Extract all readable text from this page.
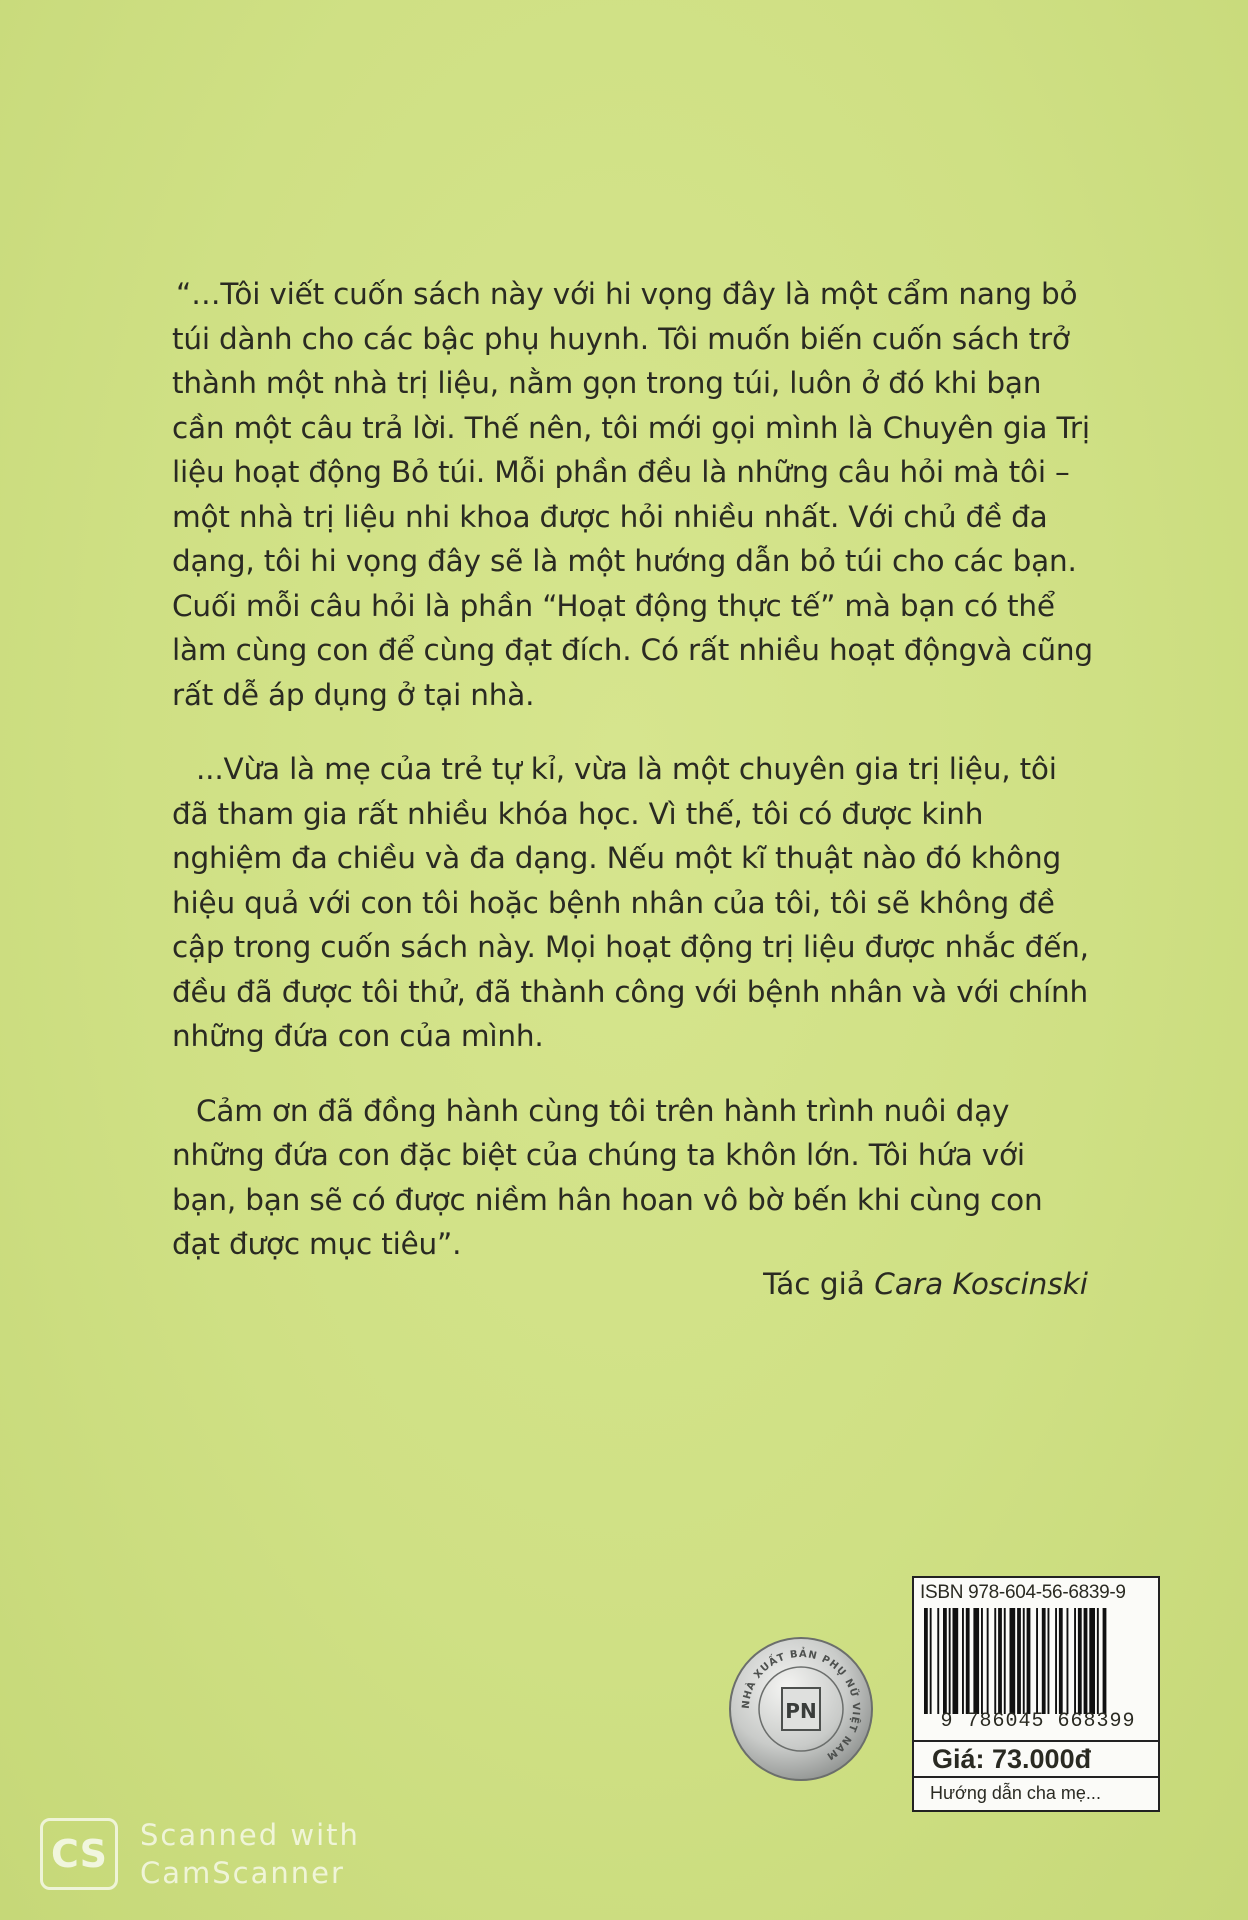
“…Tôi viết cuốn sách này với hi vọng đây là một cẩm nang bỏ túi dành cho các bậc phụ huynh. Tôi muốn biến cuốn sách trở thành một nhà trị liệu, nằm gọn trong túi, luôn ở đó khi bạn cần một câu trả lời. Thế nên, tôi mới gọi mình là Chuyên gia Trị liệu hoạt động Bỏ túi. Mỗi phần đều là những câu hỏi mà tôi – một nhà trị liệu nhi khoa được hỏi nhiều nhất. Với chủ đề đa dạng, tôi hi vọng đây sẽ là một hướng dẫn bỏ túi cho các bạn. Cuối mỗi câu hỏi là phần “Hoạt động thực tế” mà bạn có thể làm cùng con để cùng đạt đích. Có rất nhiều hoạt độngvà cũng rất dễ áp dụng ở tại nhà.

...Vừa là mẹ của trẻ tự kỉ, vừa là một chuyên gia trị liệu, tôi đã tham gia rất nhiều khóa học. Vì thế, tôi có được kinh nghiệm đa chiều và đa dạng. Nếu một kĩ thuật nào đó không hiệu quả với con tôi hoặc bệnh nhân của tôi, tôi sẽ không đề cập trong cuốn sách này. Mọi hoạt động trị liệu được nhắc đến, đều đã được tôi thử, đã thành công với bệnh nhân và với chính những đứa con của mình.

Cảm ơn đã đồng hành cùng tôi trên hành trình nuôi dạy những đứa con đặc biệt của chúng ta khôn lớn. Tôi hứa với bạn, bạn sẽ có được niềm hân hoan vô bờ bến khi cùng con đạt được mục tiêu”.

Tác giả Cara Koscinski
NHÀ XUẤT BẢN PHỤ NỮ VIỆT NAM
PN
ISBN 978-604-56-6839-9
9 786045 668399
Giá: 73.000đ
Hướng dẫn cha mẹ...
CS	Scanned with
CamScanner
